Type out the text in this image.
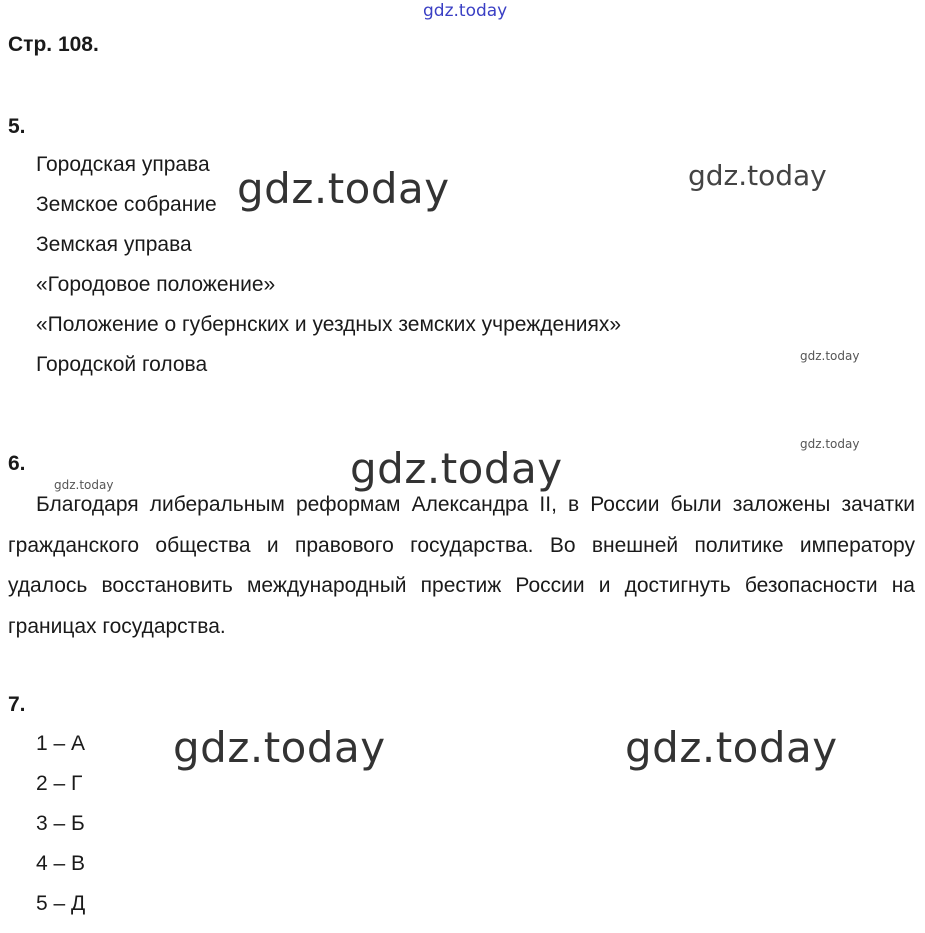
Стр. 108.
5.
Городская управа
Земское собрание
Земская управа
«Городовое положение»
«Положение о губернских и уездных земских учреждениях»
Городской голова
6.

Благодаря либеральным реформам Александра II, в России были заложены зачатки гражданского общества и правового государства. Во внешней политике императору удалось восстановить международный престиж России и достигнуть безопасности на границах государства.

7.
1 – А
2 – Г
3 – Б
4 – В
5 – Д
gdz.today
gdz.today	gdz.today
gdz.today
gdz.today
gdz.today
gdz.today
gdz.today	gdz.today
